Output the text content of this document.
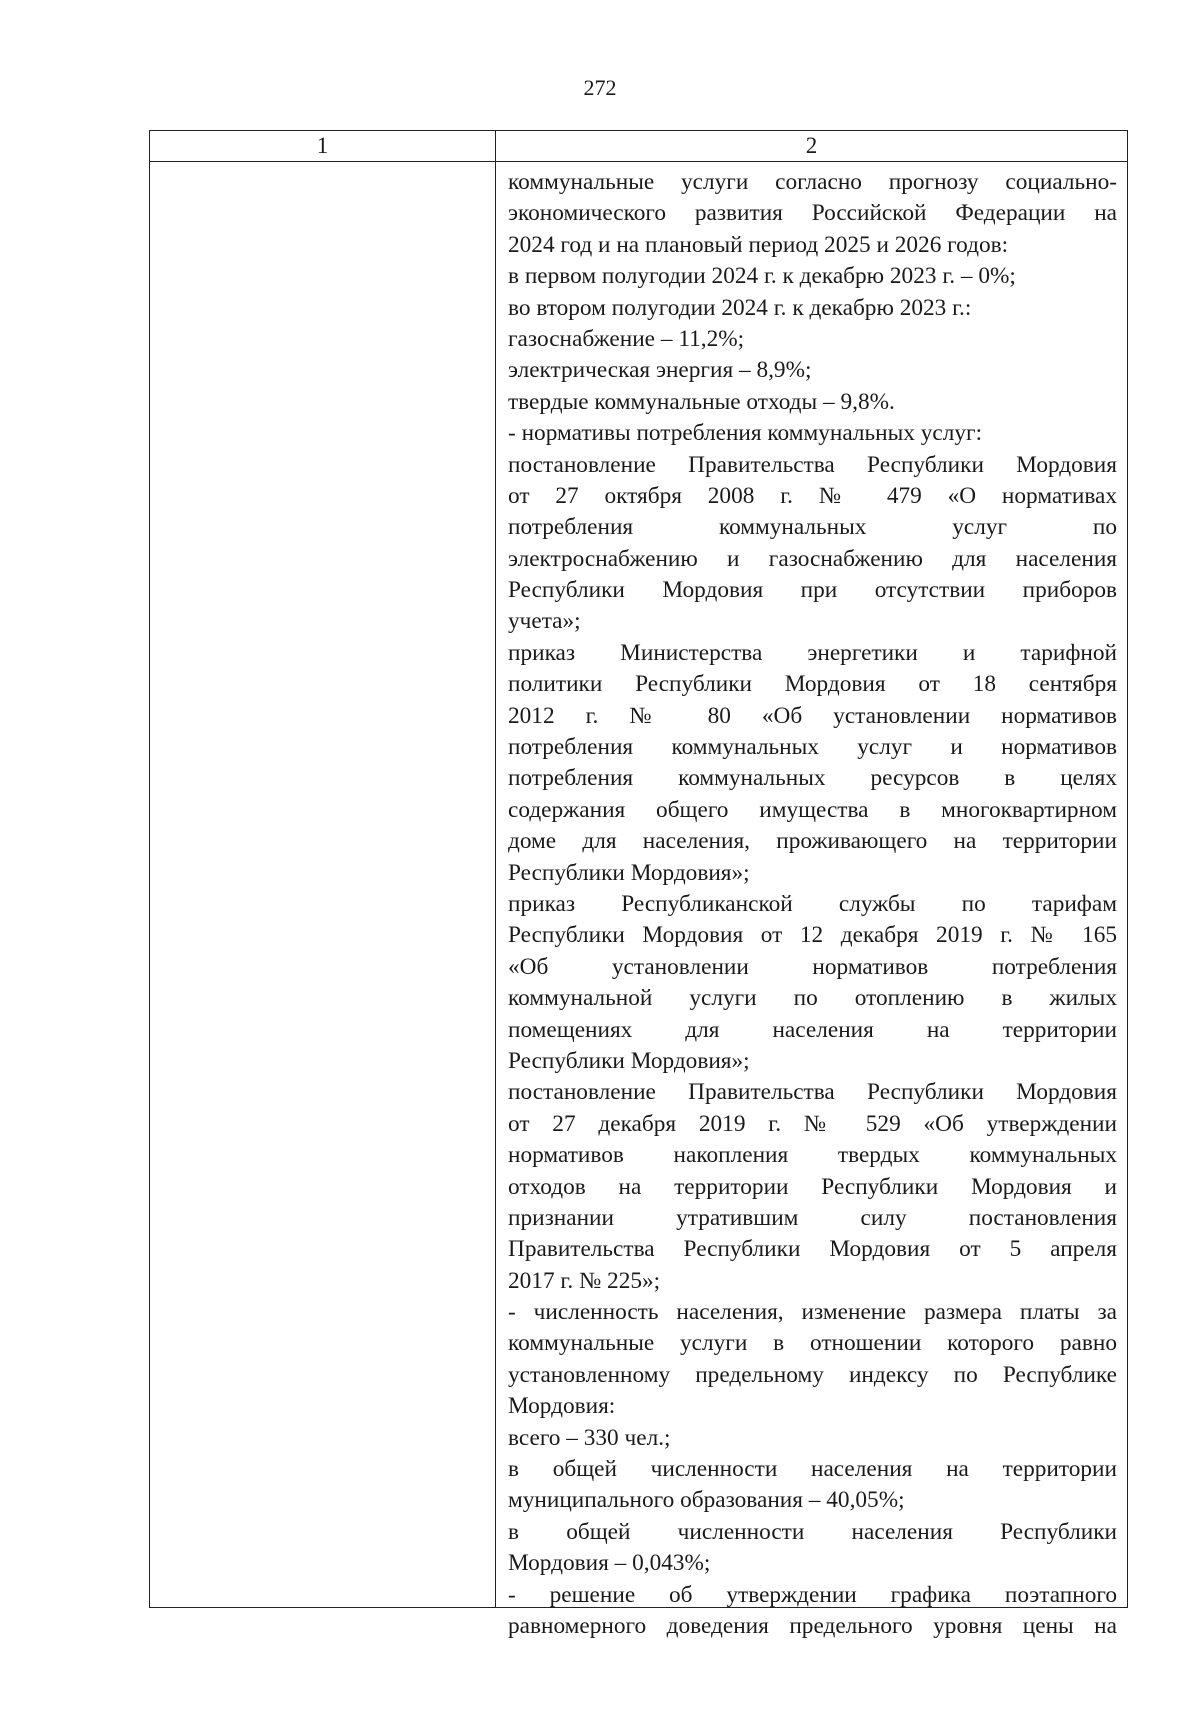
272
1	2
коммунальные услуги согласно прогнозу социально-
экономического развития Российской Федерации на
2024 год и на плановый период 2025 и 2026 годов:
в первом полугодии 2024 г. к декабрю 2023 г. – 0%;
во втором полугодии 2024 г. к декабрю 2023 г.:
газоснабжение – 11,2%;
электрическая энергия – 8,9%;
твердые коммунальные отходы – 9,8%.
- нормативы потребления коммунальных услуг:
постановление Правительства Республики Мордовия
от 27 октября 2008 г. № 479 «О нормативах
потребления коммунальных услуг по
электроснабжению и газоснабжению для населения
Республики Мордовия при отсутствии приборов
учета»;
приказ Министерства энергетики и тарифной
политики Республики Мордовия от 18 сентября
2012 г. № 80 «Об установлении нормативов
потребления коммунальных услуг и нормативов
потребления коммунальных ресурсов в целях
содержания общего имущества в многоквартирном
доме для населения, проживающего на территории
Республики Мордовия»;
приказ Республиканской службы по тарифам
Республики Мордовия от 12 декабря 2019 г. № 165
«Об установлении нормативов потребления
коммунальной услуги по отоплению в жилых
помещениях для населения на территории
Республики Мордовия»;
постановление Правительства Республики Мордовия
от 27 декабря 2019 г. № 529 «Об утверждении
нормативов накопления твердых коммунальных
отходов на территории Республики Мордовия и
признании утратившим силу постановления
Правительства Республики Мордовия от 5 апреля
2017 г. № 225»;
- численность населения, изменение размера платы за
коммунальные услуги в отношении которого равно
установленному предельному индексу по Республике
Мордовия:
всего – 330 чел.;
в общей численности населения на территории
муниципального образования – 40,05%;
в общей численности населения Республики
Мордовия – 0,043%;
- решение об утверждении графика поэтапного
равномерного доведения предельного уровня цены на
